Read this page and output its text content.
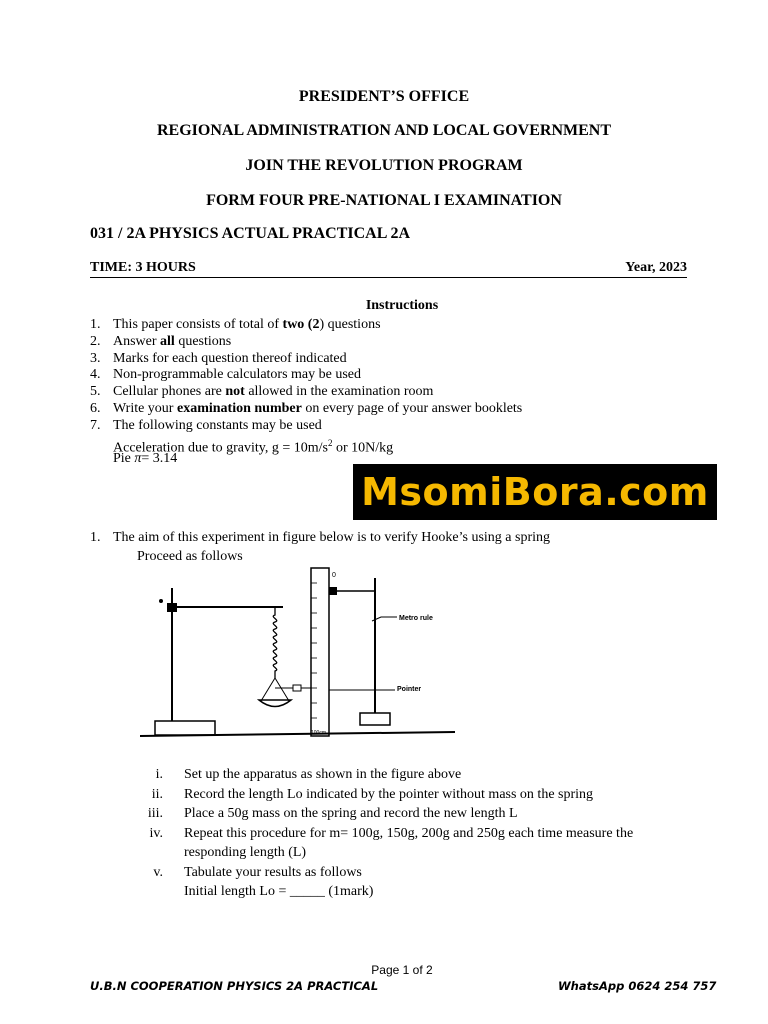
PRESIDENT’S OFFICE
REGIONAL ADMINISTRATION AND LOCAL GOVERNMENT
JOIN THE REVOLUTION PROGRAM
FORM FOUR PRE-NATIONAL I EXAMINATION
031 / 2A PHYSICS ACTUAL PRACTICAL 2A
TIME: 3 HOURS	Year, 2023
Instructions
1. This paper consists of total of two (2) questions
2. Answer all questions
3. Marks for each question thereof indicated
4. Non-programmable calculators may be used
5. Cellular phones are not allowed in the examination room
6. Write your examination number on every page of your answer booklets
7. The following constants may be used
Acceleration due to gravity, $g = 10m/s^2$ or 10N/kg
Pie π= 3.14
MsomiBora.com
1. The aim of this experiment in figure below is to verify Hooke’s using a spring
Proceed as follows
0
Metro rule
Pointer
i. Set up the apparatus as shown in the figure above
ii. Record the length Lo indicated by the pointer without mass on the spring
iii. Place a 50g mass on the spring and record the new length L
iv. Repeat this procedure for m= 100g, 150g, 200g and 250g each time measure the responding length (L)
v. Tabulate your results as follows
Initial length Lo = _____ (1mark)
Page 1 of 2
U.B.N COOPERATION PHYSICS 2A PRACTICAL	WhatsApp 0624 254 757
